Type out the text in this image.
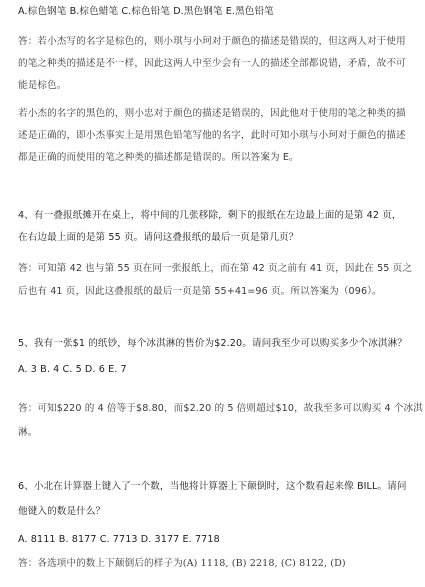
A.棕色钢笔 B.棕色蜡笔 C.棕色铅笔 D.黑色钢笔 E.黑色铅笔
答：若小杰写的名字是棕色的，则小琪与小珂对于颜色的描述是错误的，但这两人对于使用
的笔之种类的描述是不一样，因此这两人中至少会有一人的描述全部都说错，矛盾，故不可
能是棕色。
若小杰的名字的黑色的，则小忠对于颜色的描述是错误的，因此他对于使用的笔之种类的描
述是正确的，即小杰事实上是用黑色铅笔写他的名字，此时可知小琪与小珂对于颜色的描述
都是正确的而使用的笔之种类的描述都是错误的。所以答案为 E。
4、有一叠报纸摊开在桌上，将中间的几张移除，剩下的报纸在左边最上面的是第 42 页，
在右边最上面的是第 55 页。请问这叠报纸的最后一页是第几页？
答：可知第 42 也与第 55 页在同一张报纸上，而在第 42 页之前有 41 页，因此在 55 页之
后也有 41 页，因此这叠报纸的最后一页是第 55+41=96 页。所以答案为（096）。
5、我有一张$1 的纸钞，每个冰淇淋的售价为$2.20。请问我至少可以购买多少个冰淇淋？
A. 3 B. 4 C. 5 D. 6 E. 7
答：可知$220 的 4 倍等于$8.80，而$2.20 的 5 倍则超过$10，故我至多可以购买 4 个冰淇
淋。
6、小北在计算器上键入了一个数，当他将计算器上下颠倒时，这个数看起来像 BILL。请问
他键入的数是什么？
A. 8111 B. 8177 C. 7713 D. 3177 E. 7718
答：各选项中的数上下颠倒后的样子为(A) 1118, (B) 2218, (C) 8122, (D)
